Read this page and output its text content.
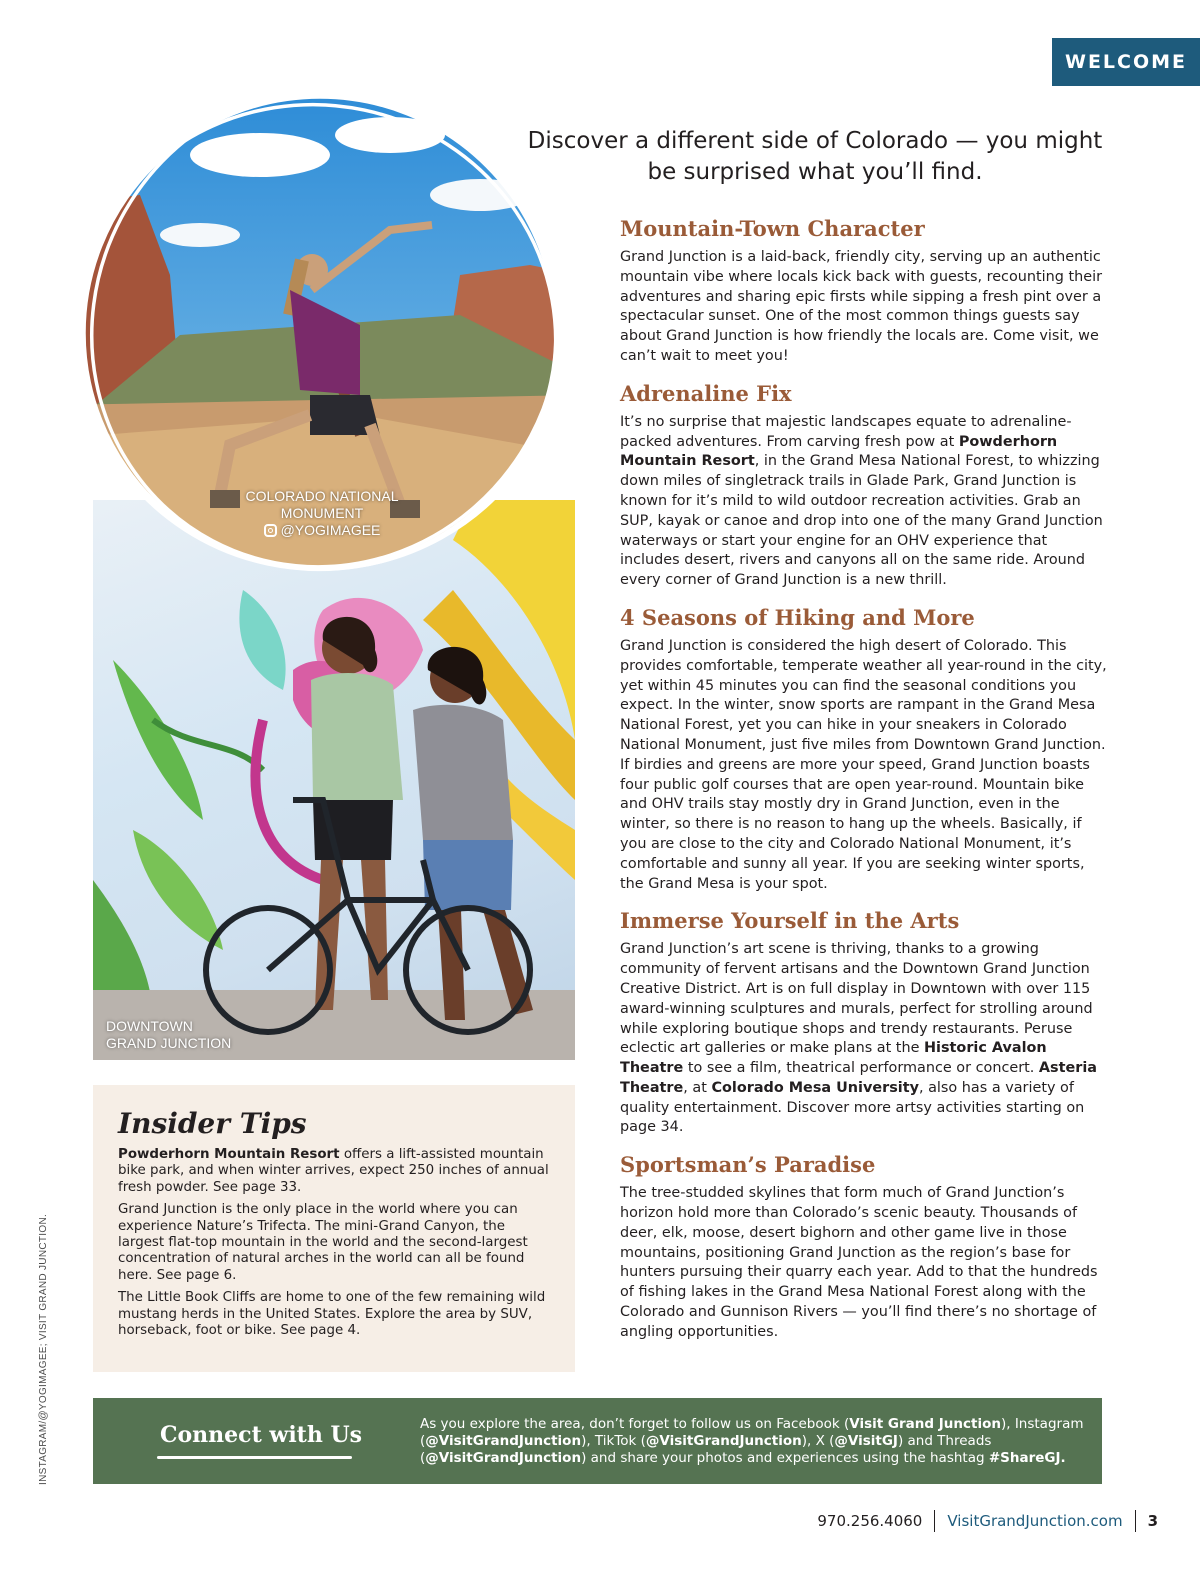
WELCOME
DOWNTOWN
GRAND JUNCTION
COLORADO NATIONAL
MONUMENT
@YOGIMAGEE
Discover a different side of Colorado — you might be surprised what you’ll find.
Mountain-Town Character

Grand Junction is a laid-back, friendly city, serving up an authentic mountain vibe where locals kick back with guests, recounting their adventures and sharing epic firsts while sipping a fresh pint over a spectacular sunset. One of the most common things guests say about Grand Junction is how friendly the locals are. Come visit, we can’t wait to meet you!

Adrenaline Fix

It’s no surprise that majestic landscapes equate to adrenaline-packed adventures. From carving fresh pow at Powderhorn Mountain Resort, in the Grand Mesa National Forest, to whizzing down miles of singletrack trails in Glade Park, Grand Junction is known for it’s mild to wild outdoor recreation activities. Grab an SUP, kayak or canoe and drop into one of the many Grand Junction waterways or start your engine for an OHV experience that includes desert, rivers and canyons all on the same ride. Around every corner of Grand Junction is a new thrill.

4 Seasons of Hiking and More

Grand Junction is considered the high desert of Colorado. This provides comfortable, temperate weather all year-round in the city, yet within 45 minutes you can find the seasonal conditions you expect. In the winter, snow sports are rampant in the Grand Mesa National Forest, yet you can hike in your sneakers in Colorado National Monument, just five miles from Downtown Grand Junction. If birdies and greens are more your speed, Grand Junction boasts four public golf courses that are open year-round. Mountain bike and OHV trails stay mostly dry in Grand Junction, even in the winter, so there is no reason to hang up the wheels. Basically, if you are close to the city and Colorado National Monument, it’s comfortable and sunny all year. If you are seeking winter sports, the Grand Mesa is your spot.

Immerse Yourself in the Arts

Grand Junction’s art scene is thriving, thanks to a growing community of fervent artisans and the Downtown Grand Junction Creative District. Art is on full display in Downtown with over 115 award-winning sculptures and murals, perfect for strolling around while exploring boutique shops and trendy restaurants. Peruse eclectic art galleries or make plans at the Historic Avalon Theatre to see a film, theatrical performance or concert. Asteria Theatre, at Colorado Mesa University, also has a variety of quality entertainment. Discover more artsy activities starting on page 34.

Sportsman’s Paradise

The tree-studded skylines that form much of Grand Junction’s horizon hold more than Colorado’s scenic beauty. Thousands of deer, elk, moose, desert bighorn and other game live in those mountains, positioning Grand Junction as the region’s base for hunters pursuing their quarry each year. Add to that the hundreds of fishing lakes in the Grand Mesa National Forest along with the Colorado and Gunnison Rivers — you’ll find there’s no shortage of angling opportunities.

Insider Tips

Powderhorn Mountain Resort offers a lift-assisted mountain bike park, and when winter arrives, expect 250 inches of annual fresh powder. See page 33.

Grand Junction is the only place in the world where you can experience Nature’s Trifecta. The mini-Grand Canyon, the largest flat-top mountain in the world and the second-largest concentration of natural arches in the world can all be found here. See page 6.

The Little Book Cliffs are home to one of the few remaining wild mustang herds in the United States. Explore the area by SUV, horseback, foot or bike. See page 4.

INSTAGRAM/@YOGIMAGEE; VISIT GRAND JUNCTION.	Connect with Us	As you explore the area, don’t forget to follow us on Facebook (Visit Grand Junction), Instagram (@VisitGrandJunction), TikTok (@VisitGrandJunction), X (@VisitGJ) and Threads (@VisitGrandJunction) and share your photos and experiences using the hashtag #ShareGJ.
970.256.4060 VisitGrandJunction.com 3
